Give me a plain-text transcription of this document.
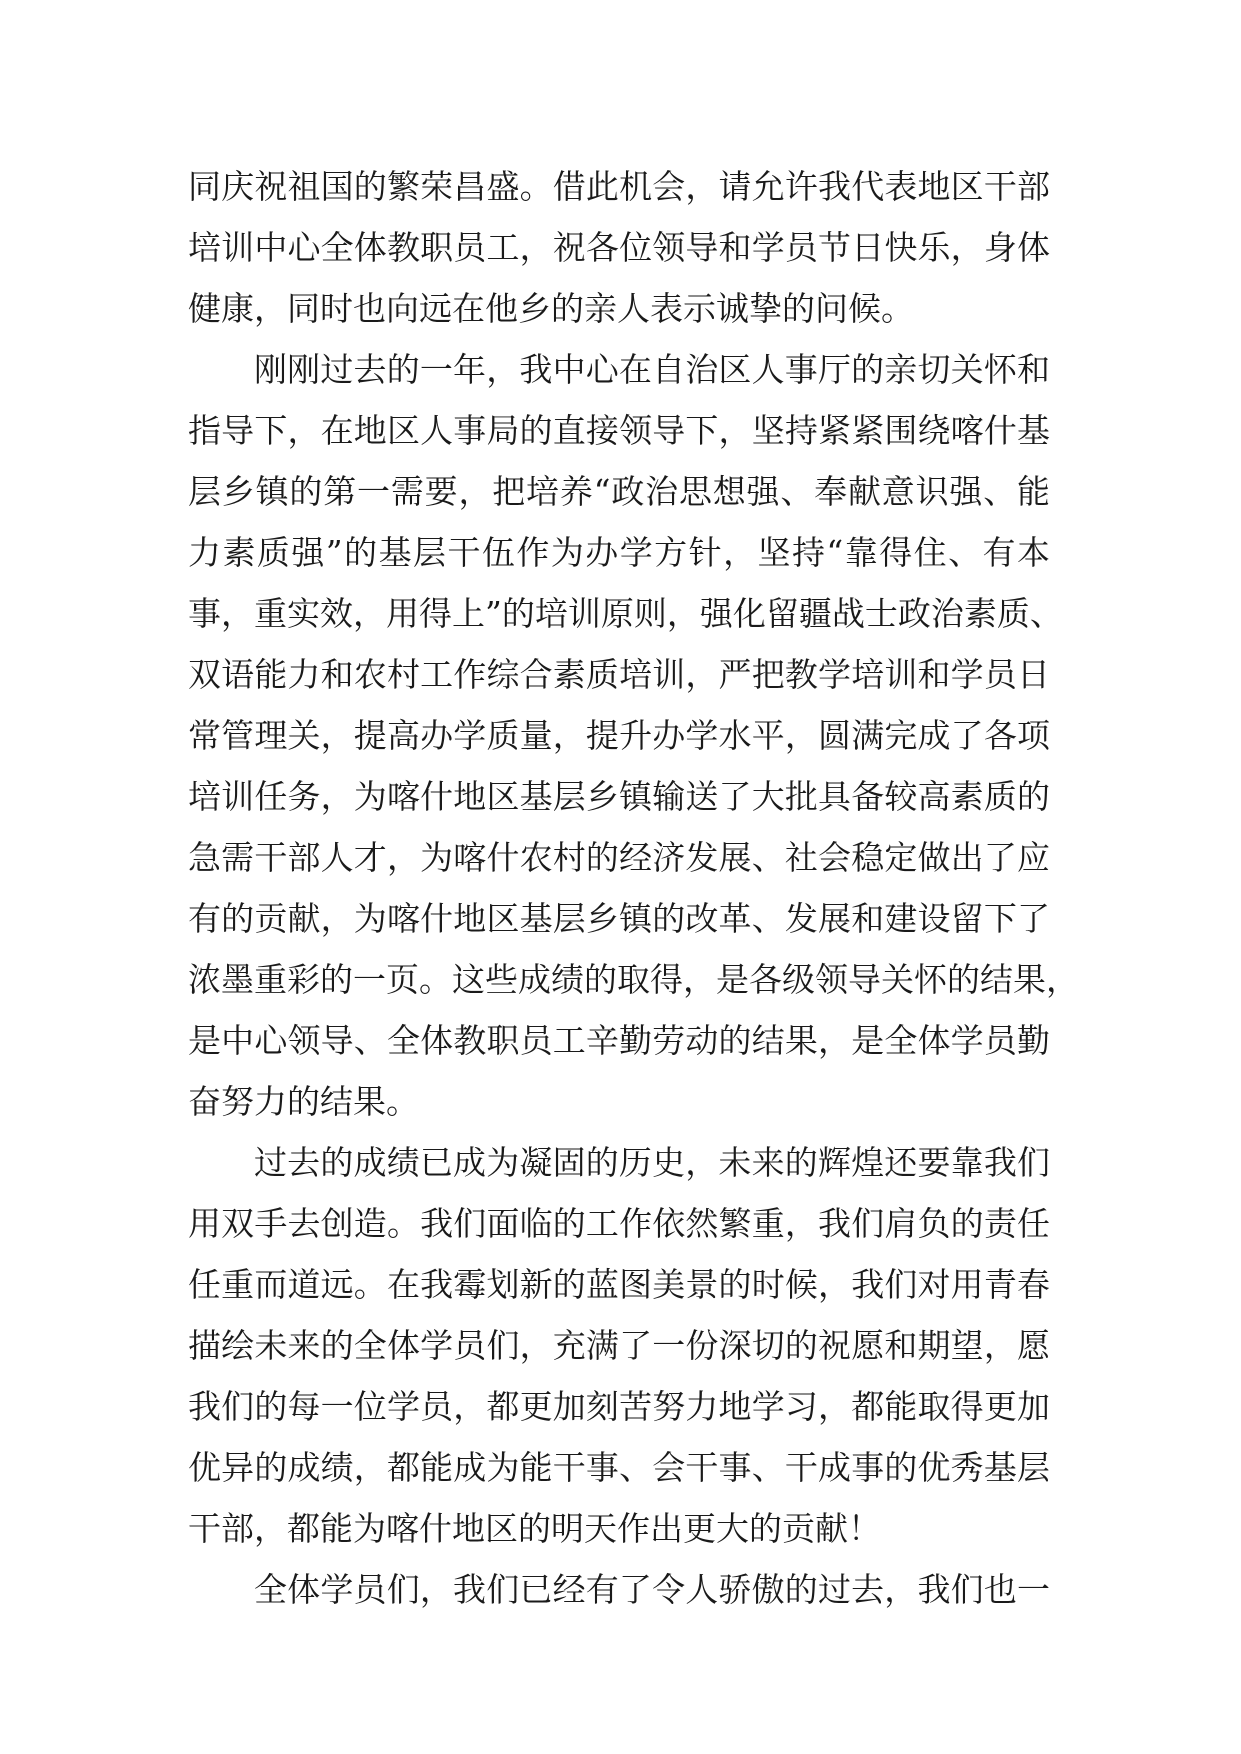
同庆祝祖国的繁荣昌盛。借此机会，请允许我代表地区干部
培训中心全体教职员工，祝各位领导和学员节日快乐，身体
健康，同时也向远在他乡的亲人表示诚挚的问候。
刚刚过去的一年，我中心在自治区人事厅的亲切关怀和
指导下，在地区人事局的直接领导下，坚持紧紧围绕喀什基
层乡镇的第一需要，把培养“政治思想强、奉献意识强、能
力素质强”的基层干伍作为办学方针，坚持“靠得住、有本
事，重实效，用得上”的培训原则，强化留疆战士政治素质、
双语能力和农村工作综合素质培训，严把教学培训和学员日
常管理关，提高办学质量，提升办学水平，圆满完成了各项
培训任务，为喀什地区基层乡镇输送了大批具备较高素质的
急需干部人才，为喀什农村的经济发展、社会稳定做出了应
有的贡献，为喀什地区基层乡镇的改革、发展和建设留下了
浓墨重彩的一页。这些成绩的取得，是各级领导关怀的结果，
是中心领导、全体教职员工辛勤劳动的结果，是全体学员勤
奋努力的结果。
过去的成绩已成为凝固的历史，未来的辉煌还要靠我们
用双手去创造。我们面临的工作依然繁重，我们肩负的责任
任重而道远。在我霉划新的蓝图美景的时候，我们对用青春
描绘未来的全体学员们，充满了一份深切的祝愿和期望，愿
我们的每一位学员，都更加刻苦努力地学习，都能取得更加
优异的成绩，都能成为能干事、会干事、干成事的优秀基层
干部，都能为喀什地区的明天作出更大的贡献！
全体学员们，我们已经有了令人骄傲的过去，我们也一
